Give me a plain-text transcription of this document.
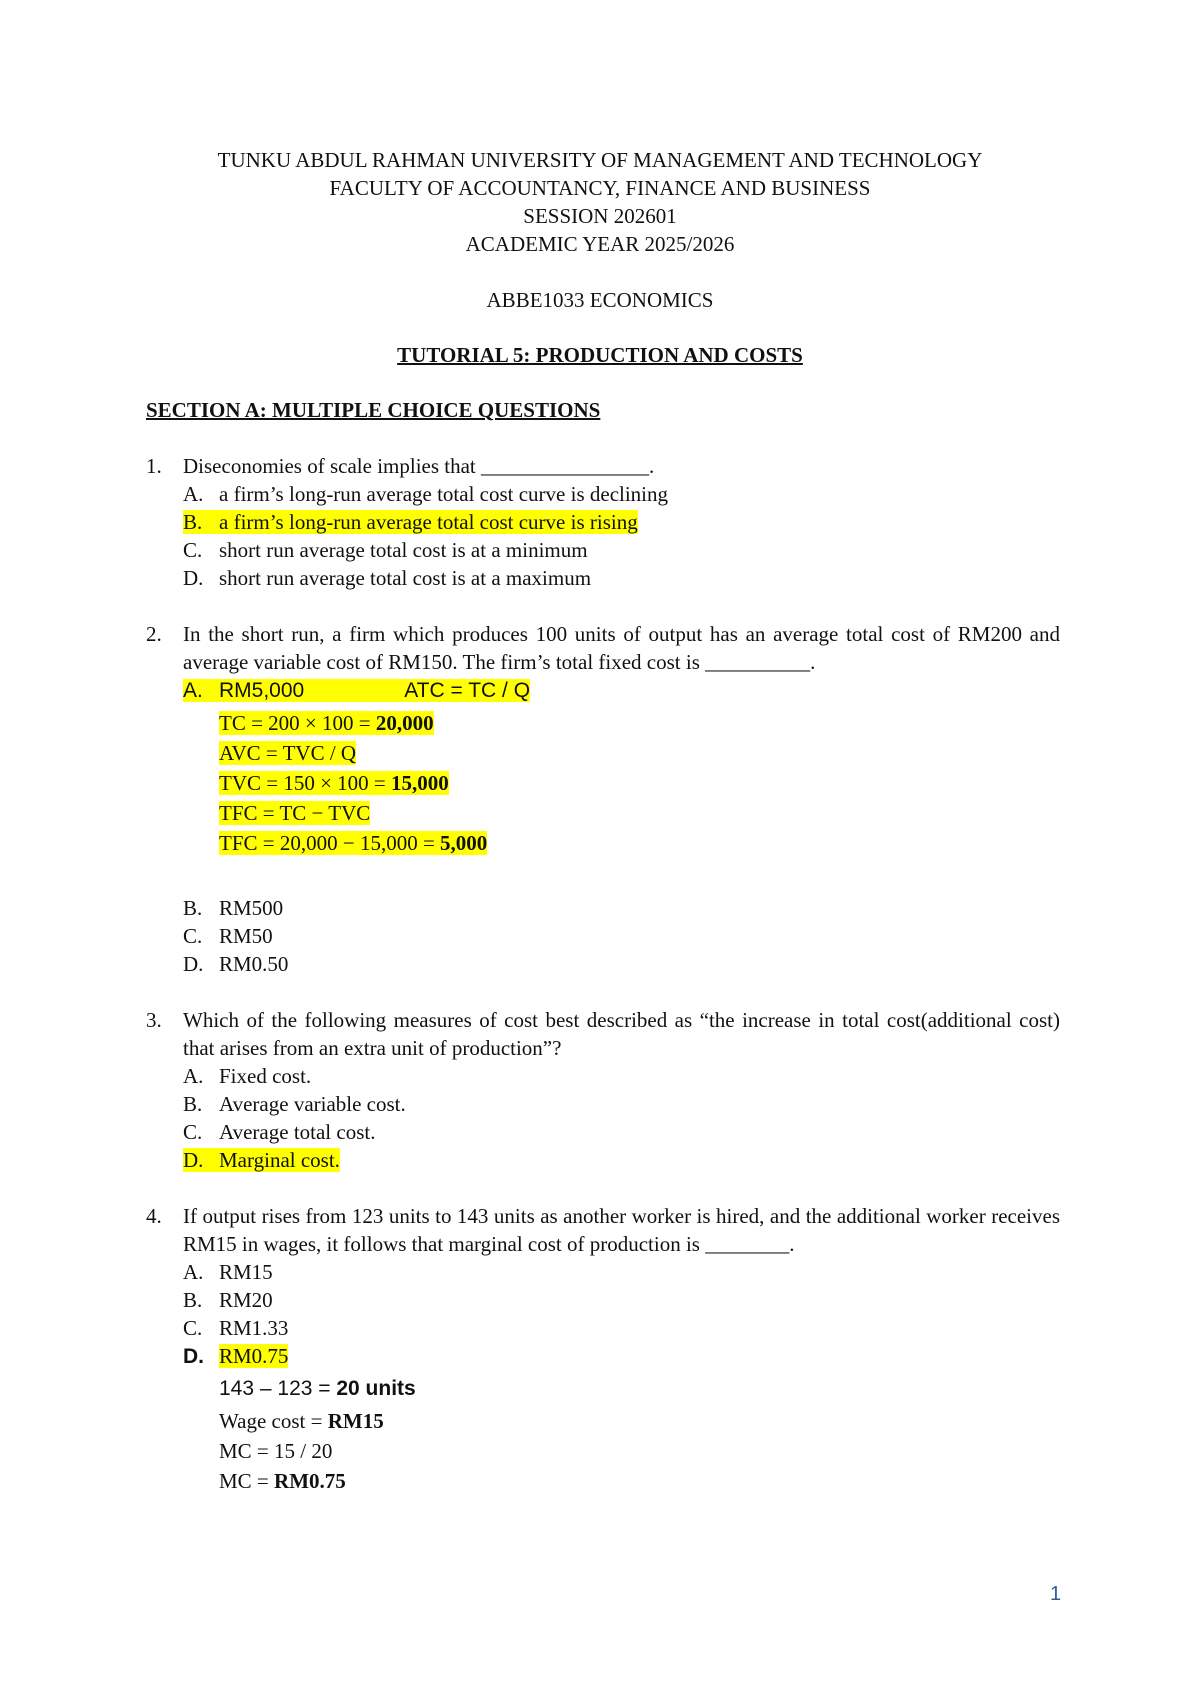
TUNKU ABDUL RAHMAN UNIVERSITY OF MANAGEMENT AND TECHNOLOGY
FACULTY OF ACCOUNTANCY, FINANCE AND BUSINESS
SESSION 202601
ACADEMIC YEAR 2025/2026
ABBE1033 ECONOMICS
TUTORIAL 5: PRODUCTION AND COSTS
SECTION A: MULTIPLE CHOICE QUESTIONS
1. Diseconomies of scale implies that ________________.
A. a firm’s long-run average total cost curve is declining
B. a firm’s long-run average total cost curve is rising
C. short run average total cost is at a minimum
D. short run average total cost is at a maximum
2. In the short run, a firm which produces 100 units of output has an average total cost of RM200 and average variable cost of RM150. The firm’s total fixed cost is __________.
A. RM5,000	ATC = TC / Q
TC = 200 × 100 = 20,000
AVC = TVC / Q
TVC = 150 × 100 = 15,000
TFC = TC − TVC
TFC = 20,000 − 15,000 = 5,000
B. RM500
C. RM50
D. RM0.50
3. Which of the following measures of cost best described as “the increase in total cost(additional cost) that arises from an extra unit of production”?
A. Fixed cost.
B. Average variable cost.
C. Average total cost.
D. Marginal cost.
4. If output rises from 123 units to 143 units as another worker is hired, and the additional worker receives RM15 in wages, it follows that marginal cost of production is ________.
A. RM15
B. RM20
C. RM1.33
D. RM0.75
143 – 123 = 20 units
Wage cost = RM15
MC = 15 / 20
MC = RM0.75
1
